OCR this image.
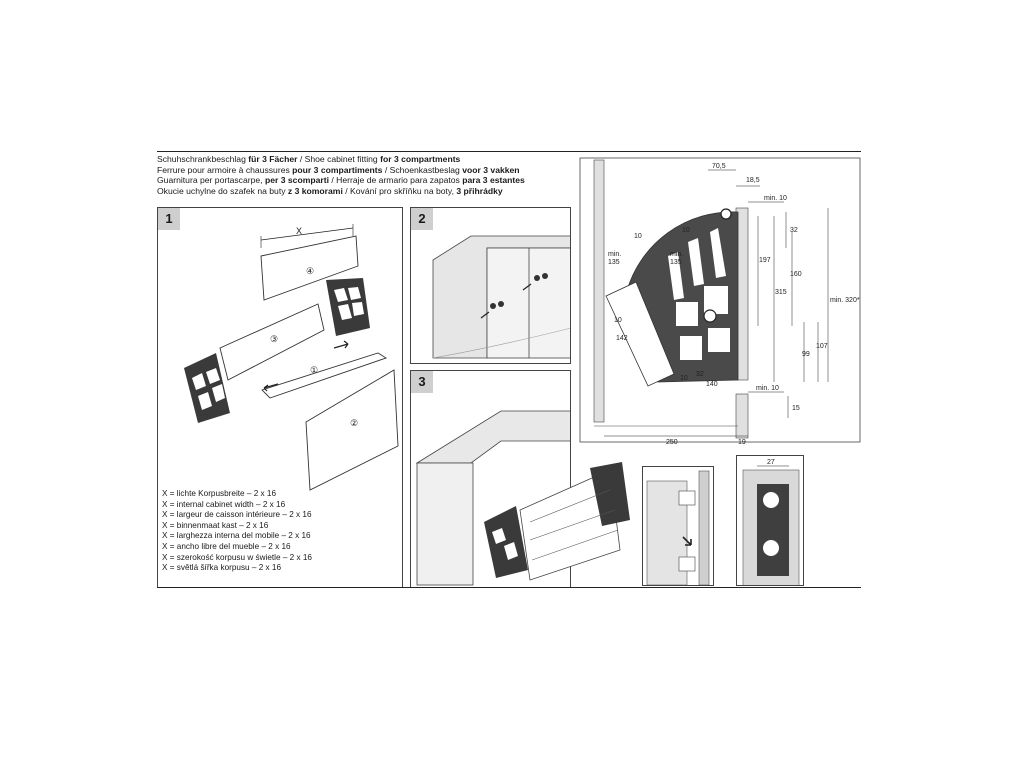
Schuhschrankbeschlag für 3 Fächer / Shoe cabinet fitting for 3 compartments
Ferrure pour armoire à chaussures pour 3 compartiments / Schoenkastbeslag voor 3 vakken
Guarnitura per portascarpe, per 3 scomparti / Herraje de armario para zapatos para 3 estantes
Okucie uchylne do szafek na buty z 3 komorami / Kování pro skříňku na boty, 3 přihrádky
1
X
④
③
①
②
X = lichte Korpusbreite – 2 x 16
X = internal cabinet width – 2 x 16
X = largeur de caisson intérieure – 2 x 16
X = binnenmaat kast – 2 x 16
X = larghezza interna del mobile – 2 x 16
X = ancho libre del mueble – 2 x 16
X = szerokość korpusu w świetle – 2 x 16
X = světlá šířka korpusu – 2 x 16
2
3
70,5
18,5
min. 10
32
197
160
315
min. 320*
99
107
min. 10
15
250	19
10
10
min.
135
min.
135
10
142
10
32
140
27
